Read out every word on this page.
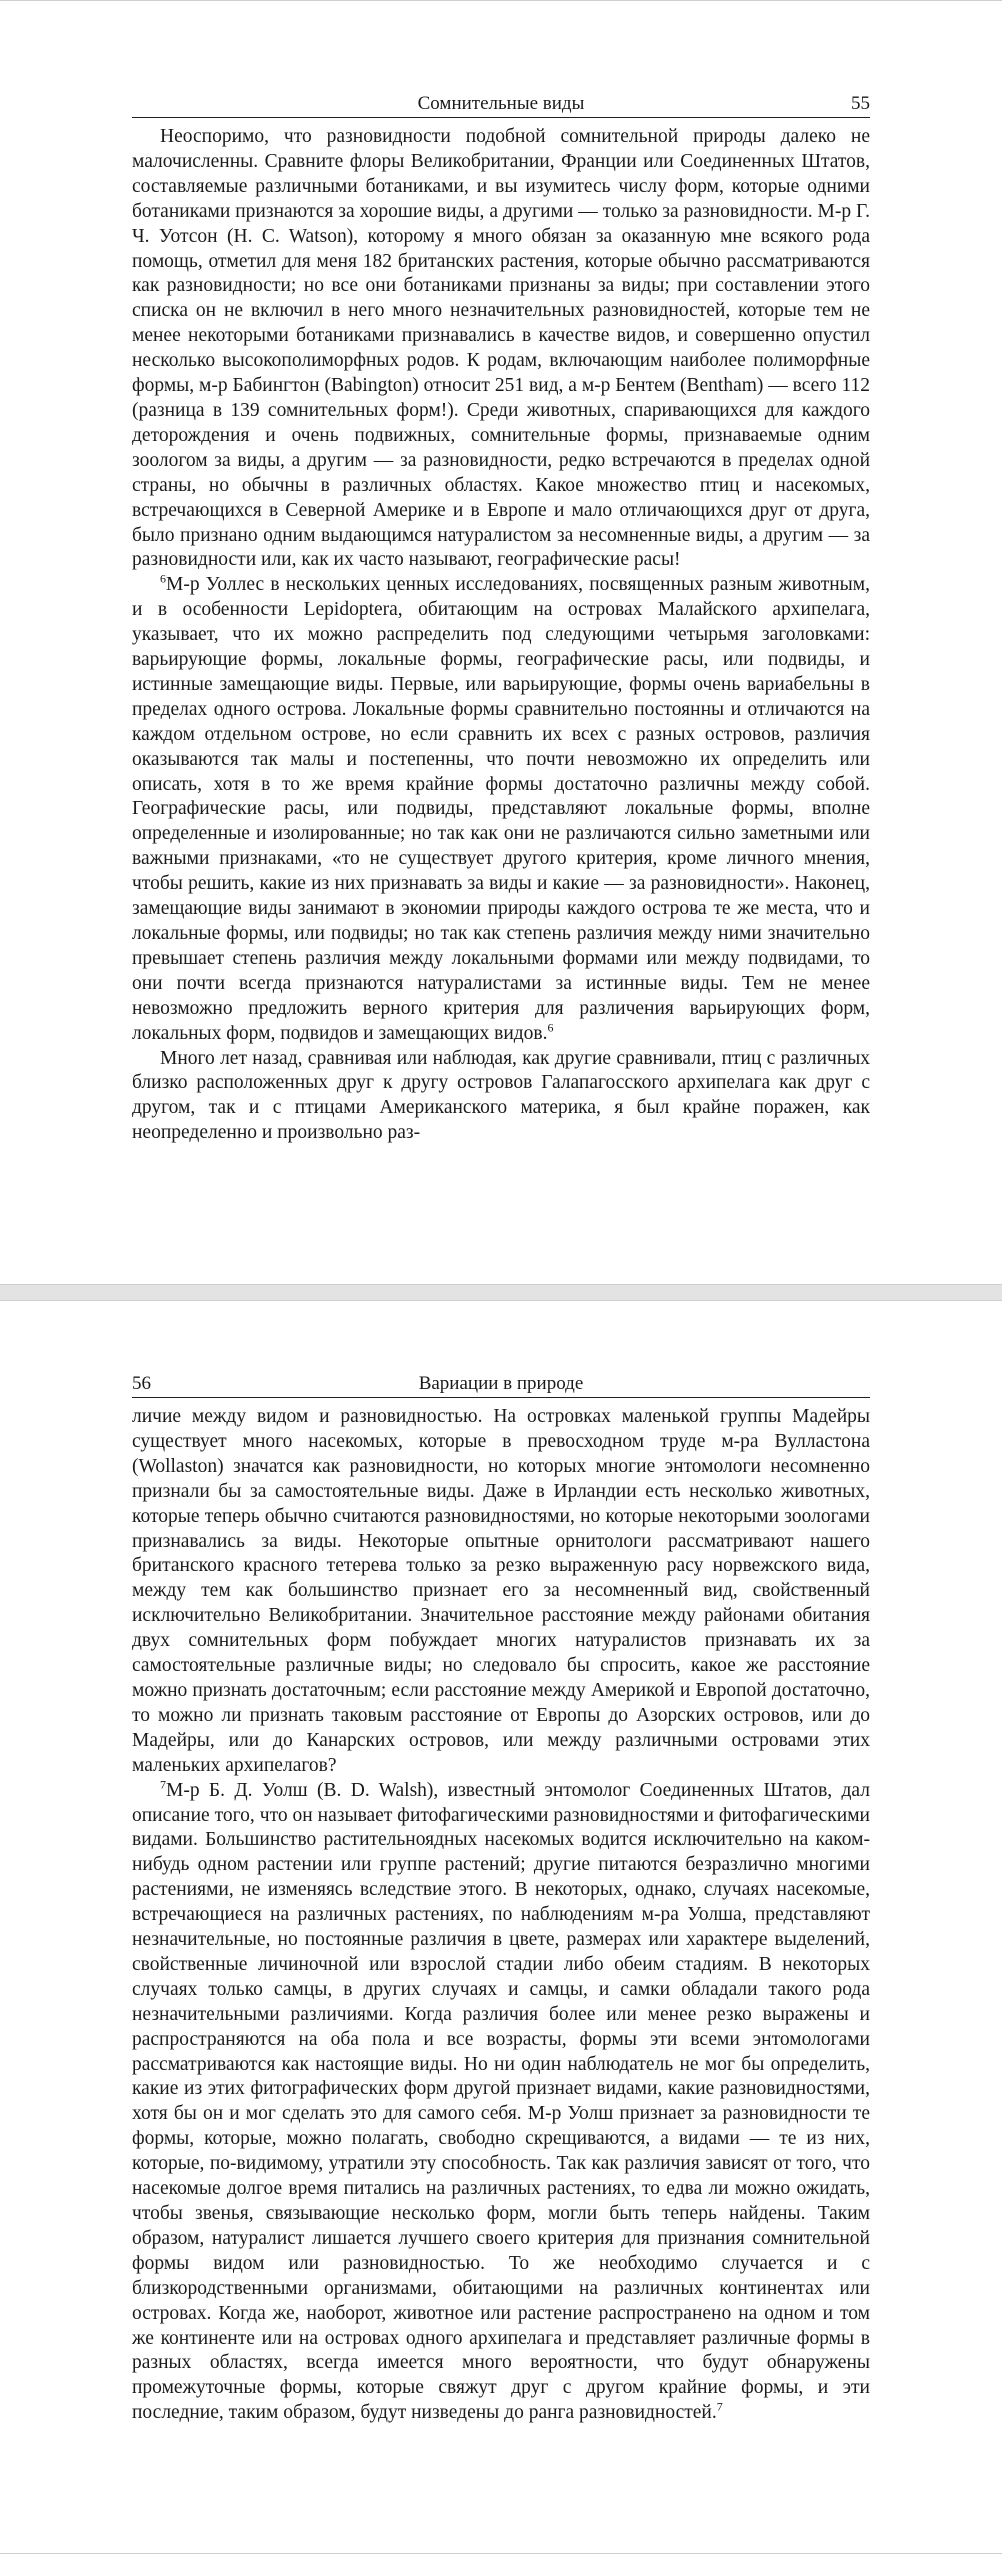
Сомнительные виды	55

Неоспоримо, что разновидности подобной сомнительной природы далеко не малочисленны. Сравните флоры Великобритании, Франции или Соединенных Штатов, составляемые различными ботаниками, и вы изумитесь числу форм, которые одними ботаниками признаются за хорошие виды, а другими — только за разновидности. М-р Г. Ч. Уотсон (H. C. Watson), которому я много обязан за оказанную мне всякого рода помощь, отметил для меня 182 британских растения, которые обычно рассматриваются как разновидности; но все они ботаниками признаны за виды; при составлении этого списка он не включил в него много незначительных разновидностей, которые тем не менее некоторыми ботаниками признавались в качестве видов, и совершенно опустил несколько высокополиморфных родов. К родам, включающим наиболее полиморфные формы, м-р Бабингтон (Babington) относит 251 вид, а м-р Бентем (Bentham) — всего 112 (разница в 139 сомнительных форм!). Среди животных, спаривающихся для каждого деторождения и очень подвижных, сомнительные формы, признаваемые одним зоологом за виды, а другим — за разновидности, редко встречаются в пределах одной страны, но обычны в различных областях. Какое множество птиц и насекомых, встречающихся в Северной Америке и в Европе и мало отличающихся друг от друга, было признано одним выдающимся натуралистом за несомненные виды, а другим — за разновидности или, как их часто называют, географические расы!

$^6$М-р Уоллес в нескольких ценных исследованиях, посвященных разным животным, и в особенности Lepidoptera, обитающим на островах Малайского архипелага, указывает, что их можно распределить под следующими четырьмя заголовками: варьирующие формы, локальные формы, географические расы, или подвиды, и истинные замещающие виды. Первые, или варьирующие, формы очень вариабельны в пределах одного острова. Локальные формы сравнительно постоянны и отличаются на каждом отдельном острове, но если сравнить их всех с разных островов, различия оказываются так малы и постепенны, что почти невозможно их определить или описать, хотя в то же время крайние формы достаточно различны между собой. Географические расы, или подвиды, представляют локальные формы, вполне определенные и изолированные; но так как они не различаются сильно заметными или важными признаками, «то не существует другого критерия, кроме личного мнения, чтобы решить, какие из них признавать за виды и какие — за разновидности». Наконец, замещающие виды занимают в экономии природы каждого острова те же места, что и локальные формы, или подвиды; но так как степень различия между ними значительно превышает степень различия между локальными формами или между подвидами, то они почти всегда признаются натуралистами за истинные виды. Тем не менее невозможно предложить верного критерия для различения варьирующих форм, локальных форм, подвидов и замещающих видов.$^6$

Много лет назад, сравнивая или наблюдая, как другие сравнивали, птиц с различных близко расположенных друг к другу островов Галапагосского архипелага как друг с другом, так и с птицами Американского материка, я был крайне поражен, как неопределенно и произвольно раз-

56	Вариации в природе

личие между видом и разновидностью. На островках маленькой группы Мадейры существует много насекомых, которые в превосходном труде м-ра Вулластона (Wollaston) значатся как разновидности, но которых многие энтомологи несомненно признали бы за самостоятельные виды. Даже в Ирландии есть несколько животных, которые теперь обычно считаются разновидностями, но которые некоторыми зоологами признавались за виды. Некоторые опытные орнитологи рассматривают нашего британского красного тетерева только за резко выраженную расу норвежского вида, между тем как большинство признает его за несомненный вид, свойственный исключительно Великобритании. Значительное расстояние между районами обитания двух сомнительных форм побуждает многих натуралистов признавать их за самостоятельные различные виды; но следовало бы спросить, какое же расстояние можно признать достаточным; если расстояние между Америкой и Европой достаточно, то можно ли признать таковым расстояние от Европы до Азорских островов, или до Мадейры, или до Канарских островов, или между различными островами этих маленьких архипелагов?

$^7$М-р Б. Д. Уолш (B. D. Walsh), известный энтомолог Соединенных Штатов, дал описание того, что он называет фитофагическими разновидностями и фитофагическими видами. Большинство растительноядных насекомых водится исключительно на каком-нибудь одном растении или группе растений; другие питаются безразлично многими растениями, не изменяясь вследствие этого. В некоторых, однако, случаях насекомые, встречающиеся на различных растениях, по наблюдениям м-ра Уолша, представляют незначительные, но постоянные различия в цвете, размерах или характере выделений, свойственные личиночной или взрослой стадии либо обеим стадиям. В некоторых случаях только самцы, в других случаях и самцы, и самки обладали такого рода незначительными различиями. Когда различия более или менее резко выражены и распространяются на оба пола и все возрасты, формы эти всеми энтомологами рассматриваются как настоящие виды. Но ни один наблюдатель не мог бы определить, какие из этих фитографических форм другой признает видами, какие разновидностями, хотя бы он и мог сделать это для самого себя. М-р Уолш признает за разновидности те формы, которые, можно полагать, свободно скрещиваются, а видами — те из них, которые, по-видимому, утратили эту способность. Так как различия зависят от того, что насекомые долгое время питались на различных растениях, то едва ли можно ожидать, чтобы звенья, связывающие несколько форм, могли быть теперь найдены. Таким образом, натуралист лишается лучшего своего критерия для признания сомнительной формы видом или разновидностью. То же необходимо случается и с близкородственными организмами, обитающими на различных континентах или островах. Когда же, наоборот, животное или растение распространено на одном и том же континенте или на островах одного архипелага и представляет различные формы в разных областях, всегда имеется много вероятности, что будут обнаружены промежуточные формы, которые свяжут друг с другом крайние формы, и эти последние, таким образом, будут низведены до ранга разновидностей.$^7$
